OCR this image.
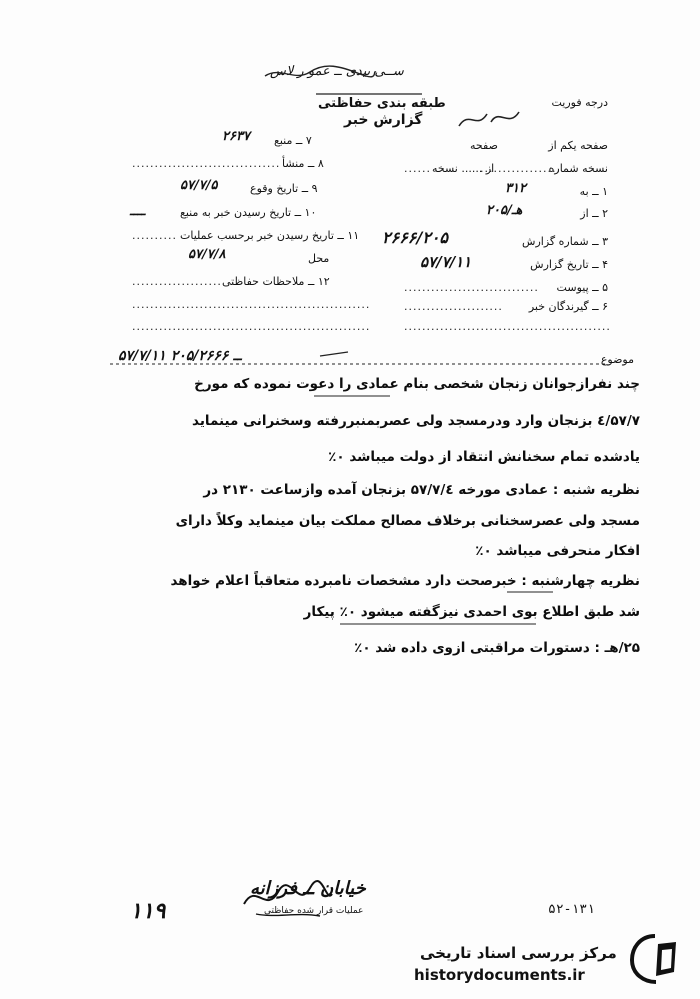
ســی بیدی ــ عمو ر لاس
طبقه بندی حفاظتی	درجه فوریت
گزارش خبر
صفحه یکم از
صفحه
نسخه شماره
از ...... نسخه
۱ ــ به
۳۱۲
۲ ــ از
۲۰۵/هـ
۳ ــ شماره گزارش
۲۶۶۶/۲۰۵
۴ ــ تاریخ گزارش
۵۷/۷/۱۱
۵ ــ پیوست
۶ ــ گیرندگان خبر
..................
......
..............................
......................
..............................................
۷ ــ منبع
۲۶۳۷
۸ ــ منشأ
۹ ــ تاریخ وقوع
۵۷/۷/۵
۱۰ ــ تاریخ رسیدن خبر به منبع
ــــ
۱۱ ــ تاریخ رسیدن خبر برحسب عملیات
محل
۵۷/۷/۸
۱۲ ــ ملاحظات حفاظتی
.................................
..........
....................
.....................................................
.....................................................
موضوع
۵۷/۷/۱۱ ــ ۲۰۵/۲۶۶۶
چند نفرازجوانان زنجان شخصی بنام عمادی را دعوت نموده که مورخ
۵۷/۷/٤ بزنجان وارد ودرمسجد ولی عصربمنبررفته وسخنرانی مینماید
یادشده تمام سخنانش انتقاد از دولت میباشد ٠٪
نظریه شنبه : عمادی مورخه ۵۷/۷/٤ بزنجان آمده وازساعت ۲۱۳۰ در
مسجد ولی عصرسخنانی برخلاف مصالح مملکت بیان مینماید وکلاً دارای
افکار منحرفی میباشد ٠٪
نظریه چهارشنبه : خبرصحت دارد مشخصات نامبرده متعاقباً اعلام خواهد
شد طبق اطلاع بوی احمدی نیزگفته میشود ٠٪ پیکار
۲۵/هـ : دستورات مراقبتی ازوی داده شد ٠٪
۱۱۹
خیابان ــ فرزانه
عملیات قرار شده حفاظتی	۵۲-۱۳۱
مرکز بررسی اسناد تاریخی
historydocuments.ir
